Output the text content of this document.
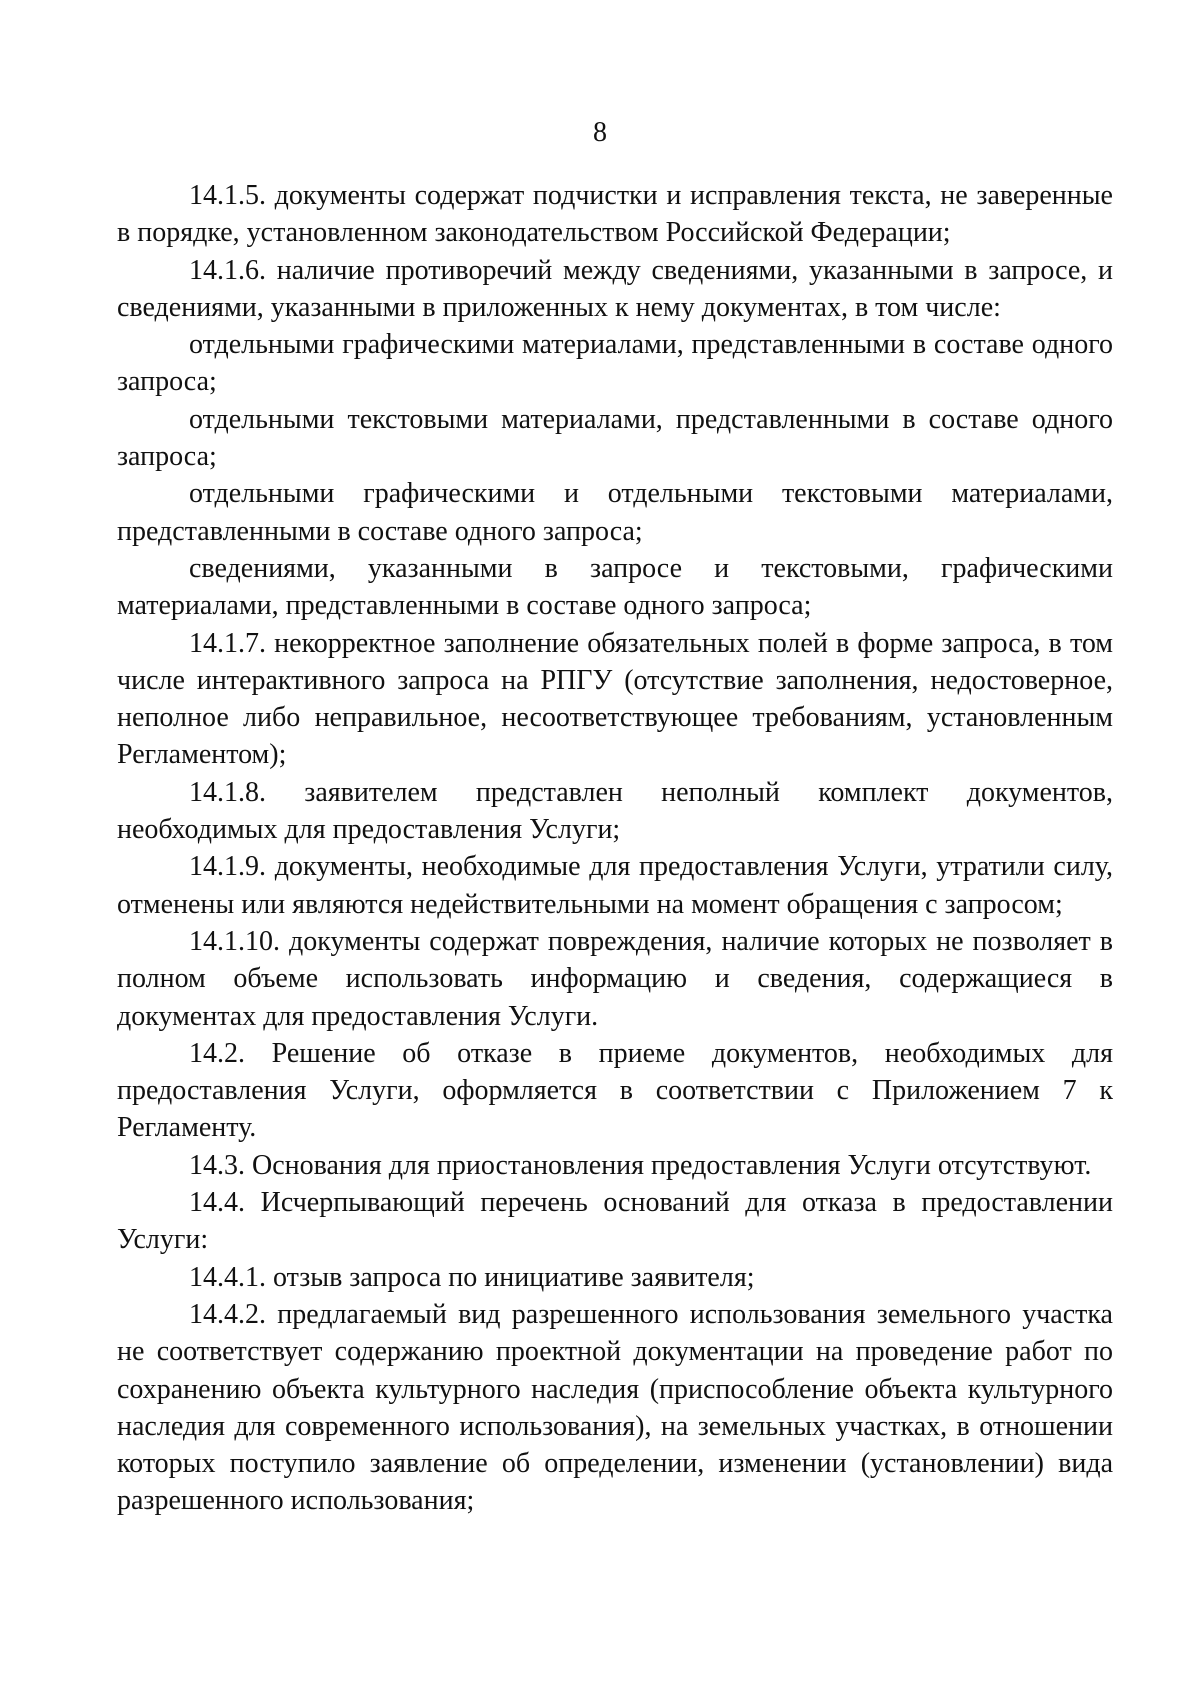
8

14.1.5. документы содержат подчистки и исправления текста, не заверенные в порядке, установленном законодательством Российской Федерации;

14.1.6. наличие противоречий между сведениями, указанными в запросе, и сведениями, указанными в приложенных к нему документах, в том числе:

отдельными графическими материалами, представленными в составе одного запроса;

отдельными текстовыми материалами, представленными в составе одного запроса;

отдельными графическими и отдельными текстовыми материалами, представленными в составе одного запроса;

сведениями, указанными в запросе и текстовыми, графическими материалами, представленными в составе одного запроса;

14.1.7. некорректное заполнение обязательных полей в форме запроса, в том числе интерактивного запроса на РПГУ (отсутствие заполнения, недостоверное, неполное либо неправильное, несоответствующее требованиям, установленным Регламентом);

14.1.8. заявителем представлен неполный комплект документов, необходимых для предоставления Услуги;

14.1.9. документы, необходимые для предоставления Услуги, утратили силу, отменены или являются недействительными на момент обращения с запросом;

14.1.10. документы содержат повреждения, наличие которых не позволяет в полном объеме использовать информацию и сведения, содержащиеся в документах для предоставления Услуги.

14.2. Решение об отказе в приеме документов, необходимых для предоставления Услуги, оформляется в соответствии с Приложением 7 к Регламенту.

14.3. Основания для приостановления предоставления Услуги отсутствуют.

14.4. Исчерпывающий перечень оснований для отказа в предоставлении Услуги:

14.4.1. отзыв запроса по инициативе заявителя;

14.4.2. предлагаемый вид разрешенного использования земельного участка не соответствует содержанию проектной документации на проведение работ по сохранению объекта культурного наследия (приспособление объекта культурного наследия для современного использования), на земельных участках, в отношении которых поступило заявление об определении, изменении (установлении) вида разрешенного использования;
